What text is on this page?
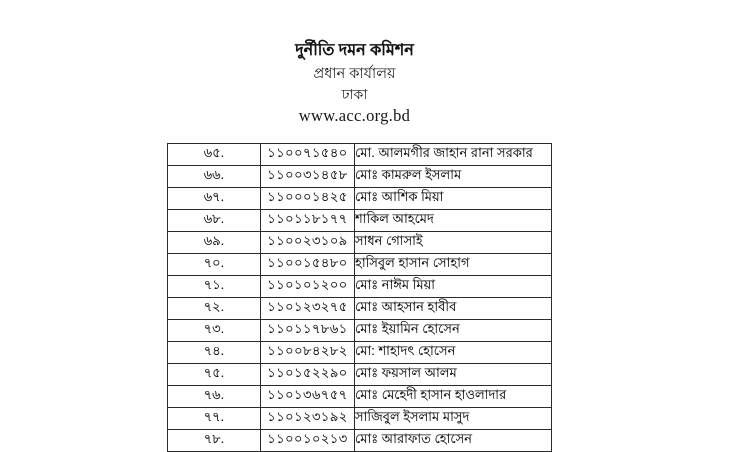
দুর্নীতি দমন কমিশন
প্রধান কার্যালয়
ঢাকা
www.acc.org.bd
৬৫.	১১০০৭১৫৪০	মো. আলমগীর জাহান রানা সরকার
৬৬.	১১০০৩১৪৫৮	মোঃ কামরুল ইসলাম
৬৭.	১১০০০১৪২৫	মোঃ আশিক মিয়া
৬৮.	১১০১১৮১৭৭	শাকিল আহমেদ
৬৯.	১১০০২৩১০৯	সাধন গোসাই
৭০.	১১০০১৫৪৮০	হাসিবুল হাসান সোহাগ
৭১.	১১০১০১২০০	মোঃ নাঈম মিয়া
৭২.	১১০১২৩২৭৫	মোঃ আহসান হাবীব
৭৩.	১১০১১৭৮৬১	মোঃ ইয়ামিন হোসেন
৭৪.	১১০০৮৪২৮২	মো: শাহাদৎ হোসেন
৭৫.	১১০১৫২২৯০	মোঃ ফয়সাল আলম
৭৬.	১১০১৩৬৭৫৭	মোঃ মেহেদী হাসান হাওলাদার
৭৭.	১১০১২৩১৯২	সাজিবুল ইসলাম মাসুদ
৭৮.	১১০০১০২১৩	মোঃ আরাফাত হোসেন
